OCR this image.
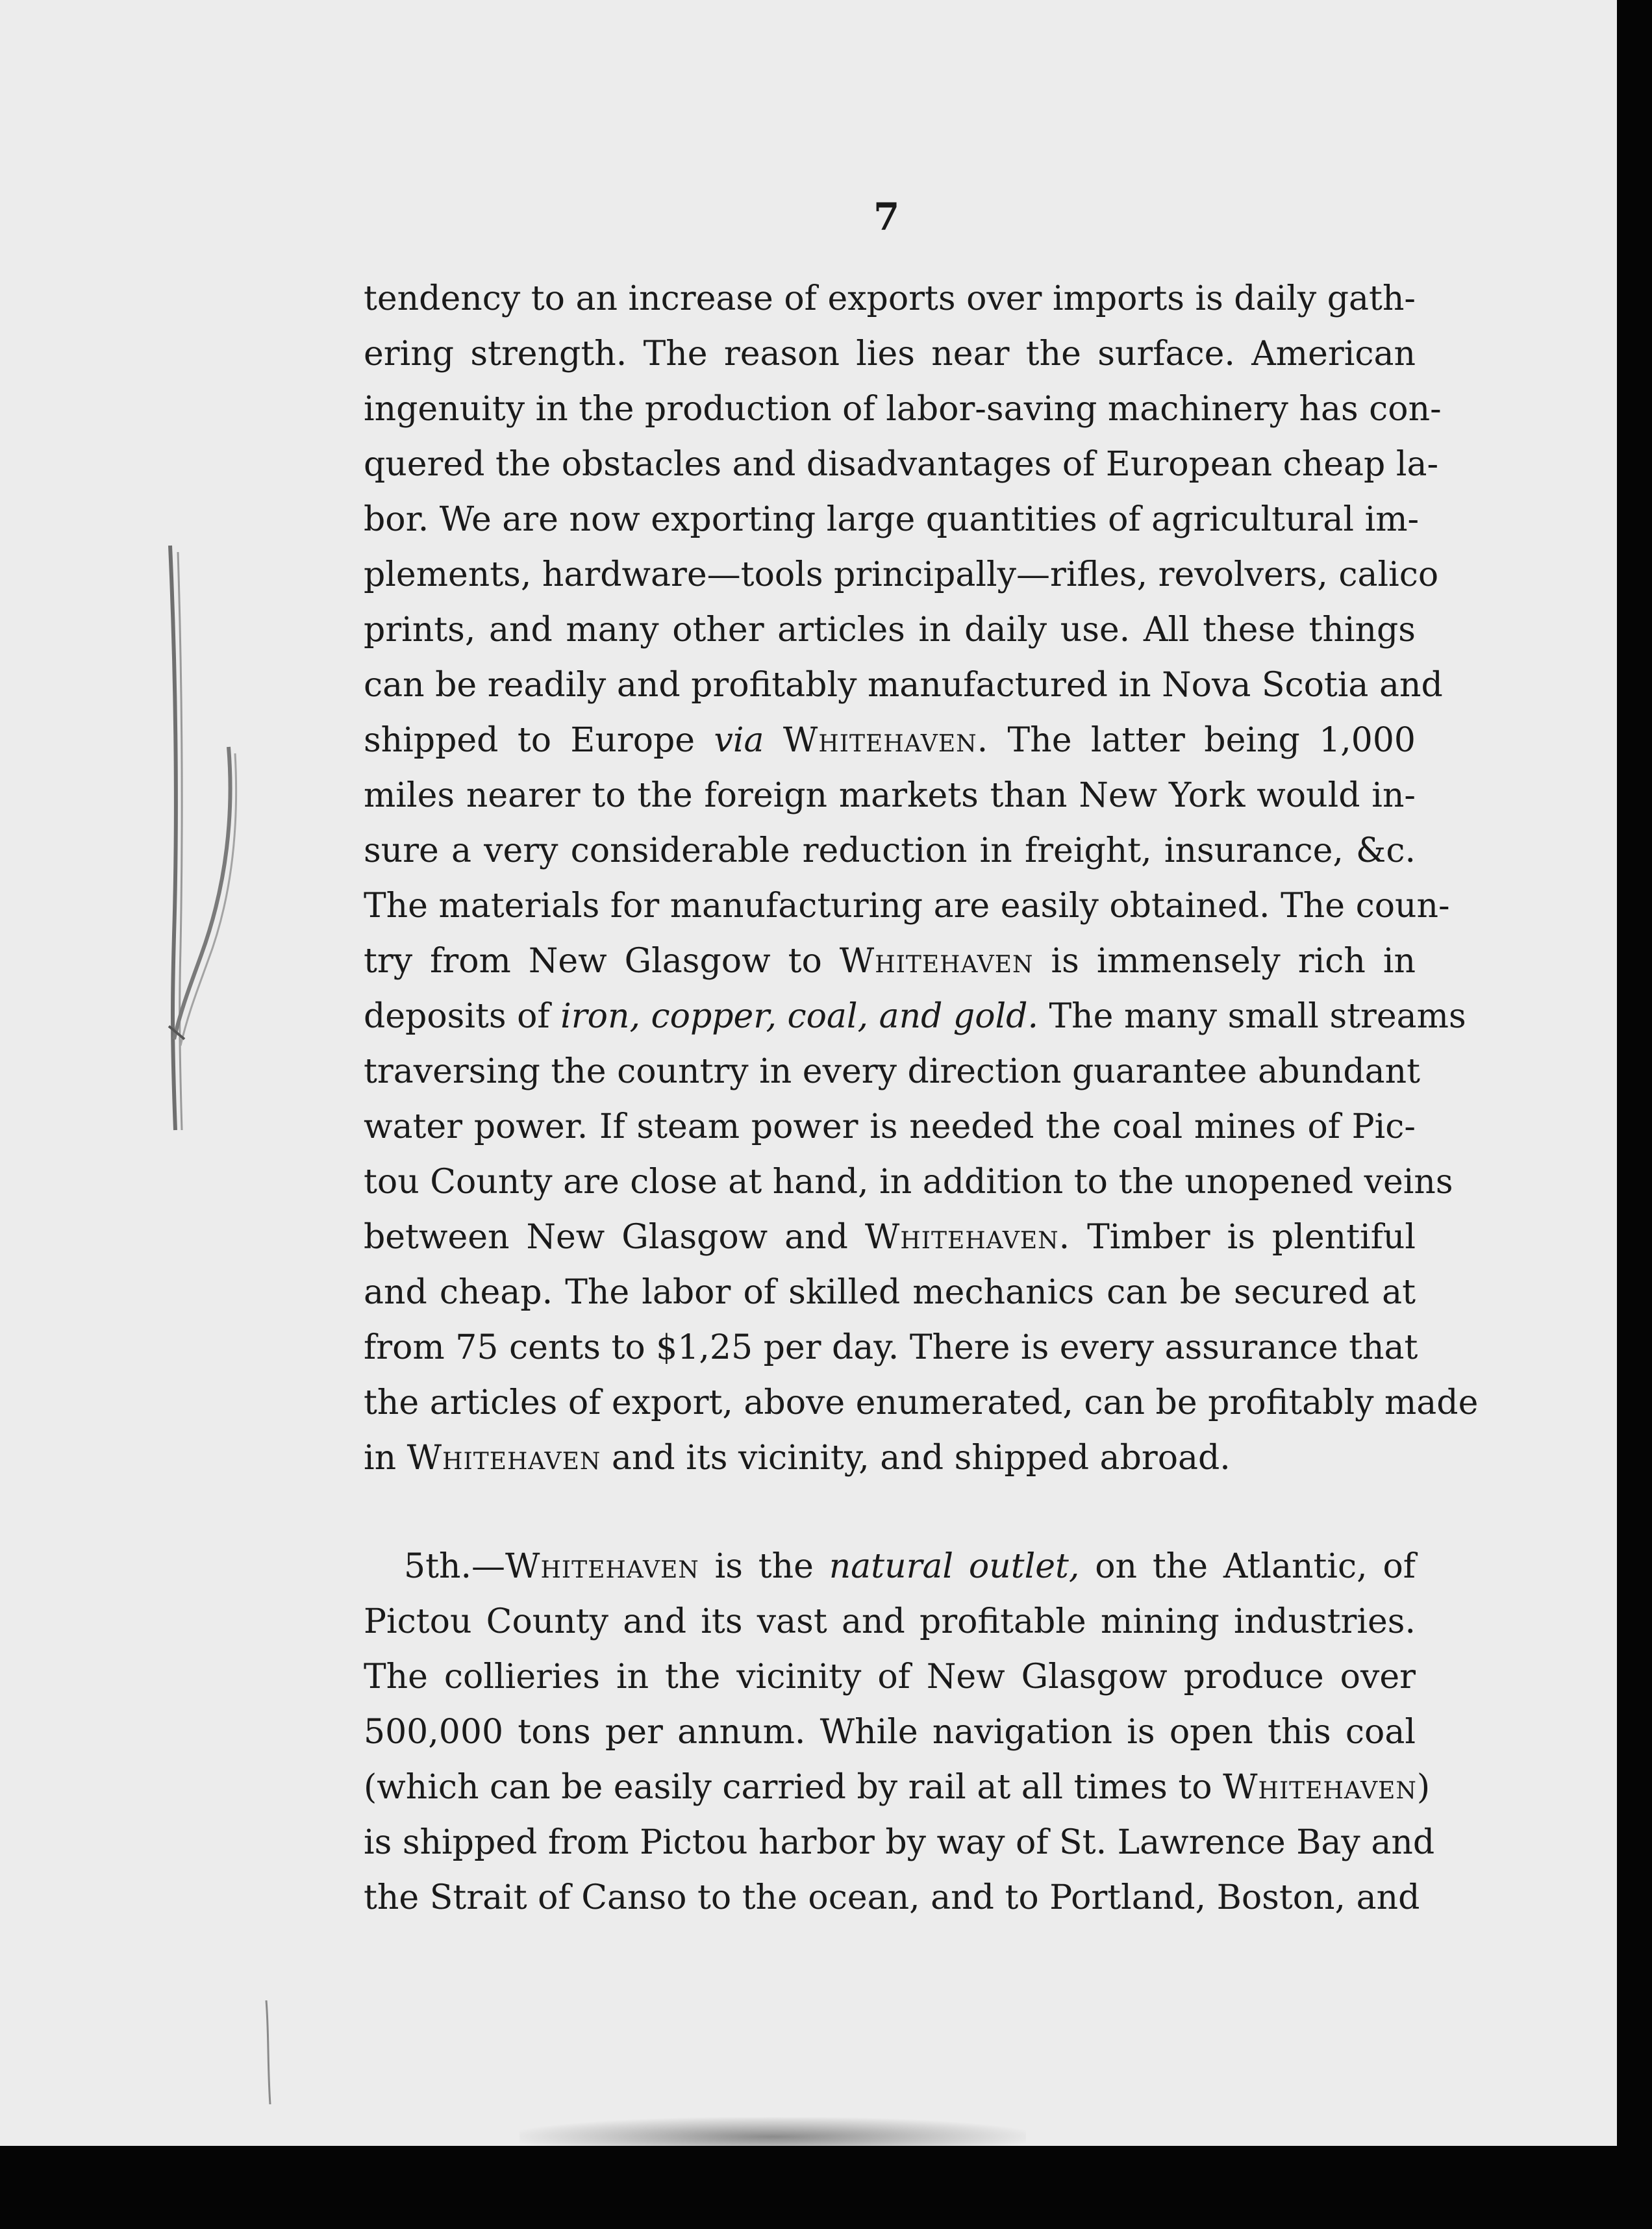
7
tendency to an increase of exports over imports is daily gath-
ering strength. The reason lies near the surface. American
ingenuity in the production of labor-saving machinery has con-
quered the obstacles and disadvantages of European cheap la-
bor. We are now exporting large quantities of agricultural im-
plements, hardware—tools principally—rifles, revolvers, calico
prints, and many other articles in daily use. All these things
can be readily and profitably manufactured in Nova Scotia and
shipped to Europe via Whitehaven. The latter being 1,000
miles nearer to the foreign markets than New York would in-
sure a very considerable reduction in freight, insurance, &c.
The materials for manufacturing are easily obtained. The coun-
try from New Glasgow to Whitehaven is immensely rich in
deposits of iron, copper, coal, and gold. The many small streams
traversing the country in every direction guarantee abundant
water power. If steam power is needed the coal mines of Pic-
tou County are close at hand, in addition to the unopened veins
between New Glasgow and Whitehaven. Timber is plentiful
and cheap. The labor of skilled mechanics can be secured at
from 75 cents to $1,25 per day. There is every assurance that
the articles of export, above enumerated, can be profitably made
in Whitehaven and its vicinity, and shipped abroad.
5th.—Whitehaven is the natural outlet, on the Atlantic, of
Pictou County and its vast and profitable mining industries.
The collieries in the vicinity of New Glasgow produce over
500,000 tons per annum. While navigation is open this coal
(which can be easily carried by rail at all times to Whitehaven)
is shipped from Pictou harbor by way of St. Lawrence Bay and
the Strait of Canso to the ocean, and to Portland, Boston, and
